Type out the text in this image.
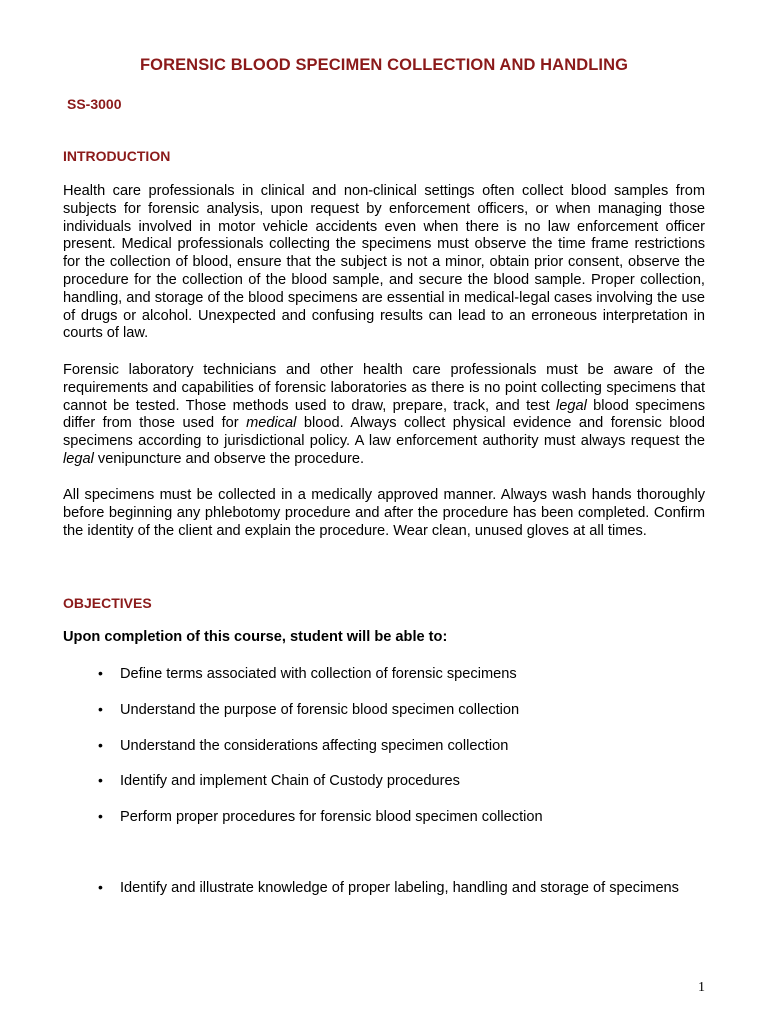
FORENSIC BLOOD SPECIMEN COLLECTION AND HANDLING
SS-3000
INTRODUCTION
Health care professionals in clinical and non-clinical settings often collect blood samples from subjects for forensic analysis, upon request by enforcement officers, or when managing those individuals involved in motor vehicle accidents even when there is no law enforcement officer present. Medical professionals collecting the specimens must observe the time frame restrictions for the collection of blood, ensure that the subject is not a minor, obtain prior consent, observe the procedure for the collection of the blood sample, and secure the blood sample. Proper collection, handling, and storage of the blood specimens are essential in medical-legal cases involving the use of drugs or alcohol. Unexpected and confusing results can lead to an erroneous interpretation in courts of law.
Forensic laboratory technicians and other health care professionals must be aware of the requirements and capabilities of forensic laboratories as there is no point collecting specimens that cannot be tested. Those methods used to draw, prepare, track, and test legal blood specimens differ from those used for medical blood. Always collect physical evidence and forensic blood specimens according to jurisdictional policy. A law enforcement authority must always request the legal venipuncture and observe the procedure.
All specimens must be collected in a medically approved manner. Always wash hands thoroughly before beginning any phlebotomy procedure and after the procedure has been completed. Confirm the identity of the client and explain the procedure. Wear clean, unused gloves at all times.
OBJECTIVES
Upon completion of this course, student will be able to:
•	Define terms associated with collection of forensic specimens
•	Understand the purpose of forensic blood specimen collection
•	Understand the considerations affecting specimen collection
•	Identify and implement Chain of Custody procedures
•	Perform proper procedures for forensic blood specimen collection
•	Identify and illustrate knowledge of proper labeling, handling and storage of specimens
1
